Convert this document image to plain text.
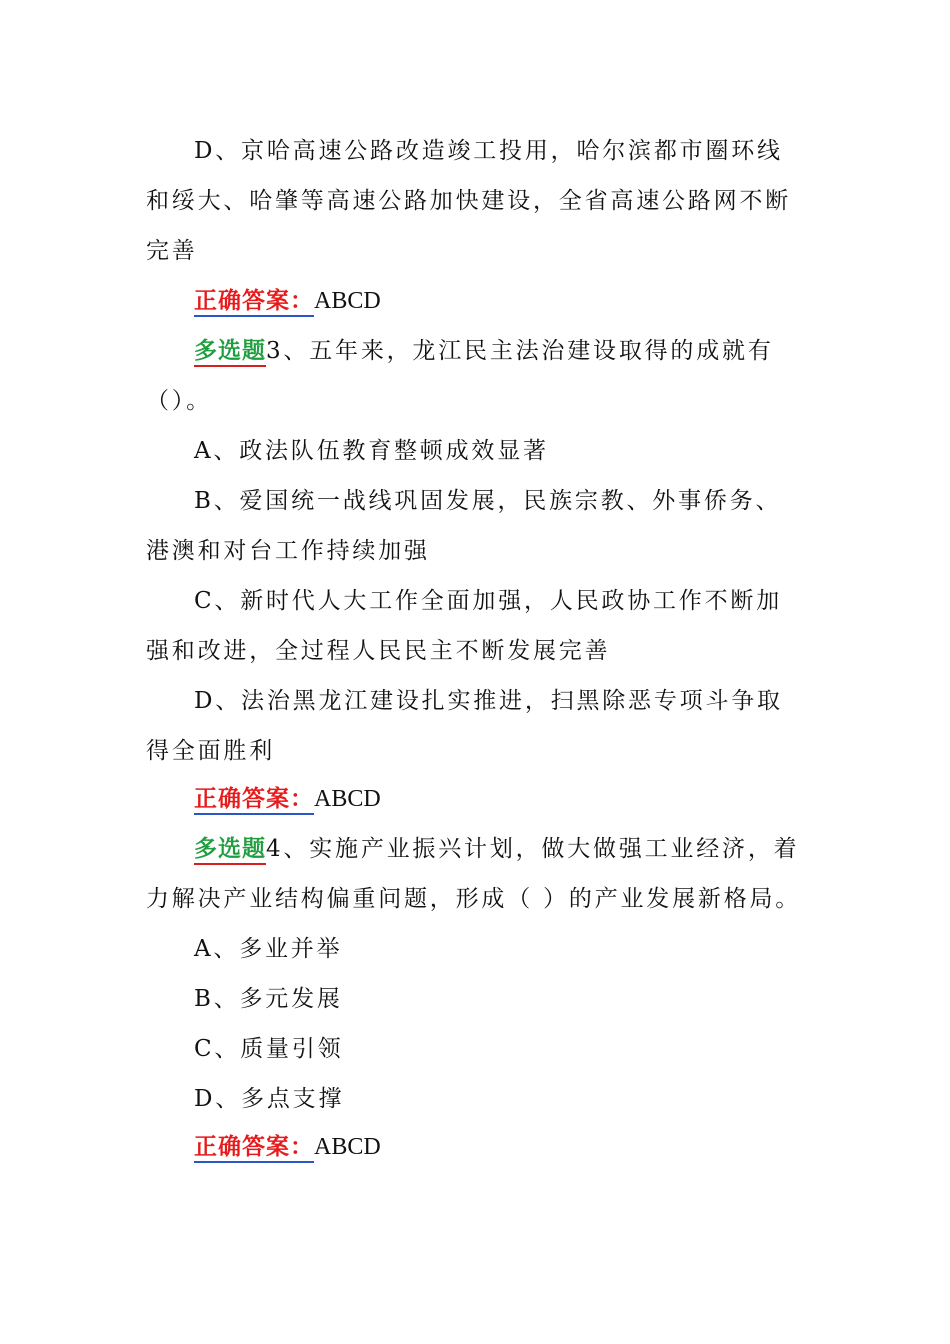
D、京哈高速公路改造竣工投用，哈尔滨都市圈环线和绥大、哈肇等高速公路加快建设，全省高速公路网不断完善
正确答案：ABCD
多选题3、五年来，龙江民主法治建设取得的成就有（）。
A、政法队伍教育整顿成效显著
B、爱国统一战线巩固发展，民族宗教、外事侨务、港澳和对台工作持续加强
C、新时代人大工作全面加强，人民政协工作不断加强和改进，全过程人民民主不断发展完善
D、法治黑龙江建设扎实推进，扫黑除恶专项斗争取得全面胜利
正确答案：ABCD
多选题4、实施产业振兴计划，做大做强工业经济，着力解决产业结构偏重问题，形成（ ）的产业发展新格局。
A、多业并举
B、多元发展
C、质量引领
D、多点支撑
正确答案：ABCD
